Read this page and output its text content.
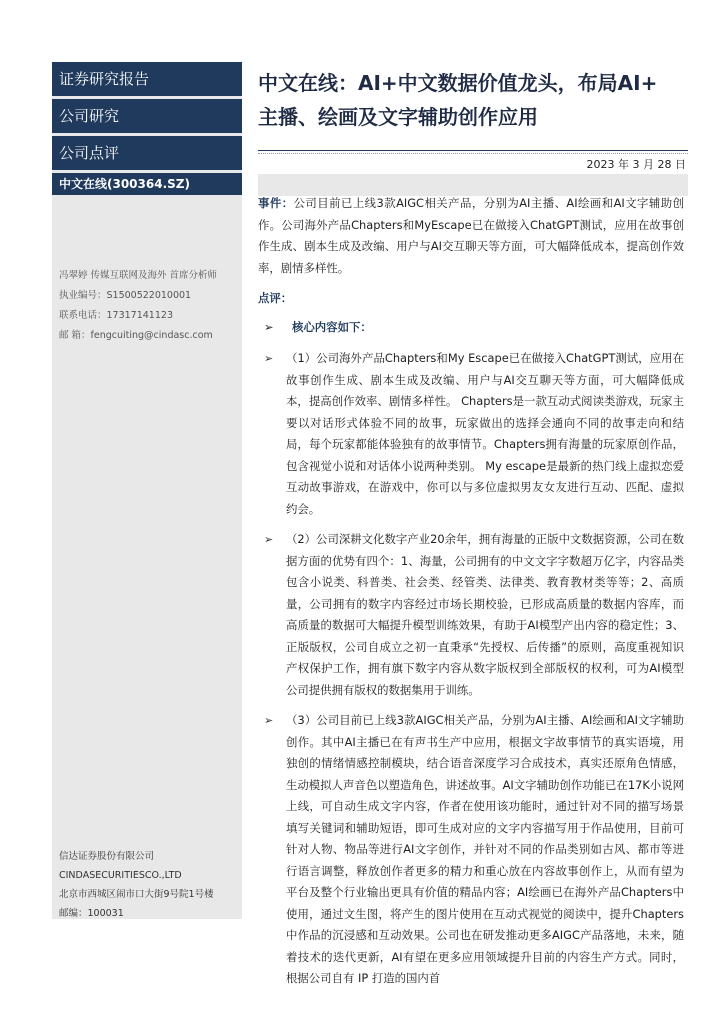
证券研究报告
公司研究
公司点评
中文在线(300364.SZ)
冯翠婷 传媒互联网及海外 首席分析师
执业编号：S1500522010001
联系电话：17317141123
邮 箱：fengcuiting@cindasc.com
信达证券股份有限公司
CINDASECURITIESCO.,LTD
北京市西城区闹市口大街9号院1号楼
邮编：100031
中文在线：AI+中文数据价值龙头，布局AI+
主播、绘画及文字辅助创作应用
2023 年 3 月 28 日

事件：公司目前已上线3款AIGC相关产品，分别为AI主播、AI绘画和AI文字辅助创作。公司海外产品Chapters和MyEscape已在做接入ChatGPT测试，应用在故事创作生成、剧本生成及改编、用户与AI交互聊天等方面，可大幅降低成本，提高创作效率，剧情多样性。

点评：

➢	核心内容如下：
➢	（1）公司海外产品Chapters和My Escape已在做接入ChatGPT测试，应用在故事创作生成、剧本生成及改编、用户与AI交互聊天等方面，可大幅降低成本，提高创作效率、剧情多样性。 Chapters是一款互动式阅读类游戏，玩家主要以对话形式体验不同的故事，玩家做出的选择会通向不同的故事走向和结局，每个玩家都能体验独有的故事情节。Chapters拥有海量的玩家原创作品，包含视觉小说和对话体小说两种类别。 My escape是最新的热门线上虚拟恋爱互动故事游戏，在游戏中，你可以与多位虚拟男友女友进行互动、匹配、虚拟约会。
➢	（2）公司深耕文化数字产业20余年，拥有海量的正版中文数据资源，公司在数据方面的优势有四个：1、海量，公司拥有的中文文字字数超万亿字，内容品类包含小说类、科普类、社会类、经管类、法律类、教育教材类等等；2、高质量，公司拥有的数字内容经过市场长期校验，已形成高质量的数据内容库，而高质量的数据可大幅提升模型训练效果，有助于AI模型产出内容的稳定性；3、正版版权，公司自成立之初一直秉承“先授权、后传播”的原则，高度重视知识产权保护工作，拥有旗下数字内容从数字版权到全部版权的权利，可为AI模型公司提供拥有版权的数据集用于训练。
➢	（3）公司目前已上线3款AIGC相关产品，分别为AI主播、AI绘画和AI文字辅助创作。其中AI主播已在有声书生产中应用，根据文字故事情节的真实语境，用独创的情绪情感控制模块，结合语音深度学习合成技术，真实还原角色情感，生动模拟人声音色以塑造角色，讲述故事。AI文字辅助创作功能已在17K小说网上线，可自动生成文字内容，作者在使用该功能时，通过针对不同的描写场景填写关键词和辅助短语，即可生成对应的文字内容描写用于作品使用，目前可针对人物、物品等进行AI文字创作，并针对不同的作品类别如古风、都市等进行语言调整，释放创作者更多的精力和重心放在内容故事创作上，从而有望为平台及整个行业输出更具有价值的精品内容；AI绘画已在海外产品Chapters中使用，通过文生图，将产生的图片使用在互动式视觉的阅读中，提升Chapters中作品的沉浸感和互动效果。公司也在研发推动更多AIGC产品落地，未来，随着技术的迭代更新，AI有望在更多应用领域提升目前的内容生产方式。同时，根据公司自有 IP 打造的国内首
